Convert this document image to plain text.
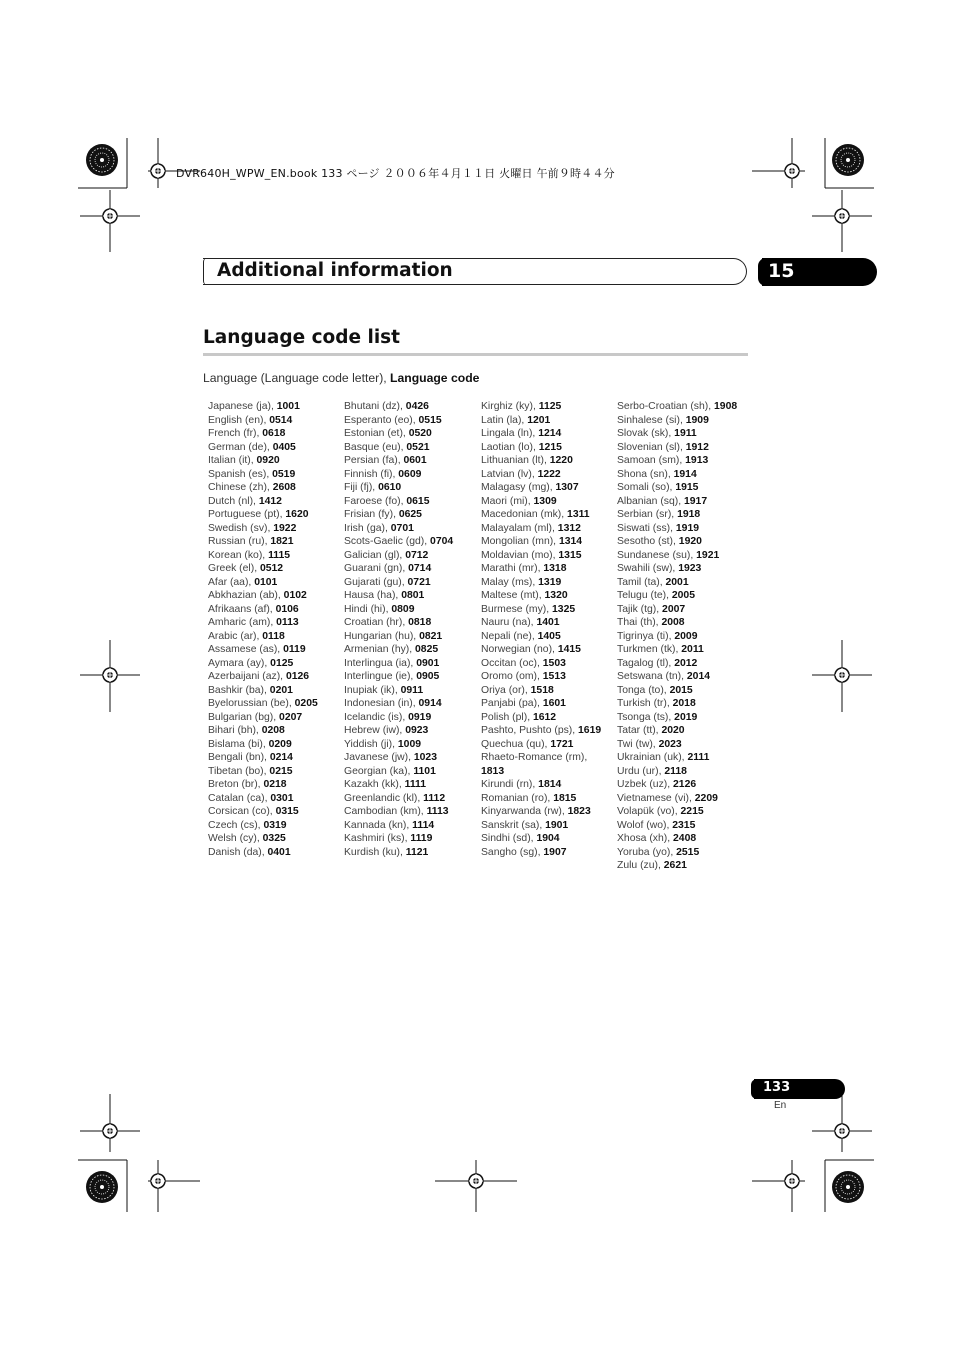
DVR640H_WPW_EN.book 133 ページ ２００６年４月１１日 火曜日 午前９時４４分
Additional information	15
Language code list
Language (Language code letter), Language code
Japanese (ja), 1001
English (en), 0514
French (fr), 0618
German (de), 0405
Italian (it), 0920
Spanish (es), 0519
Chinese (zh), 2608
Dutch (nl), 1412
Portuguese (pt), 1620
Swedish (sv), 1922
Russian (ru), 1821
Korean (ko), 1115
Greek (el), 0512
Afar (aa), 0101
Abkhazian (ab), 0102
Afrikaans (af), 0106
Amharic (am), 0113
Arabic (ar), 0118
Assamese (as), 0119
Aymara (ay), 0125
Azerbaijani (az), 0126
Bashkir (ba), 0201
Byelorussian (be), 0205
Bulgarian (bg), 0207
Bihari (bh), 0208
Bislama (bi), 0209
Bengali (bn), 0214
Tibetan (bo), 0215
Breton (br), 0218
Catalan (ca), 0301
Corsican (co), 0315
Czech (cs), 0319
Welsh (cy), 0325
Danish (da), 0401
Bhutani (dz), 0426
Esperanto (eo), 0515
Estonian (et), 0520
Basque (eu), 0521
Persian (fa), 0601
Finnish (fi), 0609
Fiji (fj), 0610
Faroese (fo), 0615
Frisian (fy), 0625
Irish (ga), 0701
Scots-Gaelic (gd), 0704
Galician (gl), 0712
Guarani (gn), 0714
Gujarati (gu), 0721
Hausa (ha), 0801
Hindi (hi), 0809
Croatian (hr), 0818
Hungarian (hu), 0821
Armenian (hy), 0825
Interlingua (ia), 0901
Interlingue (ie), 0905
Inupiak (ik), 0911
Indonesian (in), 0914
Icelandic (is), 0919
Hebrew (iw), 0923
Yiddish (ji), 1009
Javanese (jw), 1023
Georgian (ka), 1101
Kazakh (kk), 1111
Greenlandic (kl), 1112
Cambodian (km), 1113
Kannada (kn), 1114
Kashmiri (ks), 1119
Kurdish (ku), 1121
Kirghiz (ky), 1125
Latin (la), 1201
Lingala (ln), 1214
Laotian (lo), 1215
Lithuanian (lt), 1220
Latvian (lv), 1222
Malagasy (mg), 1307
Maori (mi), 1309
Macedonian (mk), 1311
Malayalam (ml), 1312
Mongolian (mn), 1314
Moldavian (mo), 1315
Marathi (mr), 1318
Malay (ms), 1319
Maltese (mt), 1320
Burmese (my), 1325
Nauru (na), 1401
Nepali (ne), 1405
Norwegian (no), 1415
Occitan (oc), 1503
Oromo (om), 1513
Oriya (or), 1518
Panjabi (pa), 1601
Polish (pl), 1612
Pashto, Pushto (ps), 1619
Quechua (qu), 1721
Rhaeto-Romance (rm),
1813
Kirundi (rn), 1814
Romanian (ro), 1815
Kinyarwanda (rw), 1823
Sanskrit (sa), 1901
Sindhi (sd), 1904
Sangho (sg), 1907
Serbo-Croatian (sh), 1908
Sinhalese (si), 1909
Slovak (sk), 1911
Slovenian (sl), 1912
Samoan (sm), 1913
Shona (sn), 1914
Somali (so), 1915
Albanian (sq), 1917
Serbian (sr), 1918
Siswati (ss), 1919
Sesotho (st), 1920
Sundanese (su), 1921
Swahili (sw), 1923
Tamil (ta), 2001
Telugu (te), 2005
Tajik (tg), 2007
Thai (th), 2008
Tigrinya (ti), 2009
Turkmen (tk), 2011
Tagalog (tl), 2012
Setswana (tn), 2014
Tonga (to), 2015
Turkish (tr), 2018
Tsonga (ts), 2019
Tatar (tt), 2020
Twi (tw), 2023
Ukrainian (uk), 2111
Urdu (ur), 2118
Uzbek (uz), 2126
Vietnamese (vi), 2209
Volapük (vo), 2215
Wolof (wo), 2315
Xhosa (xh), 2408
Yoruba (yo), 2515
Zulu (zu), 2621
133
En
